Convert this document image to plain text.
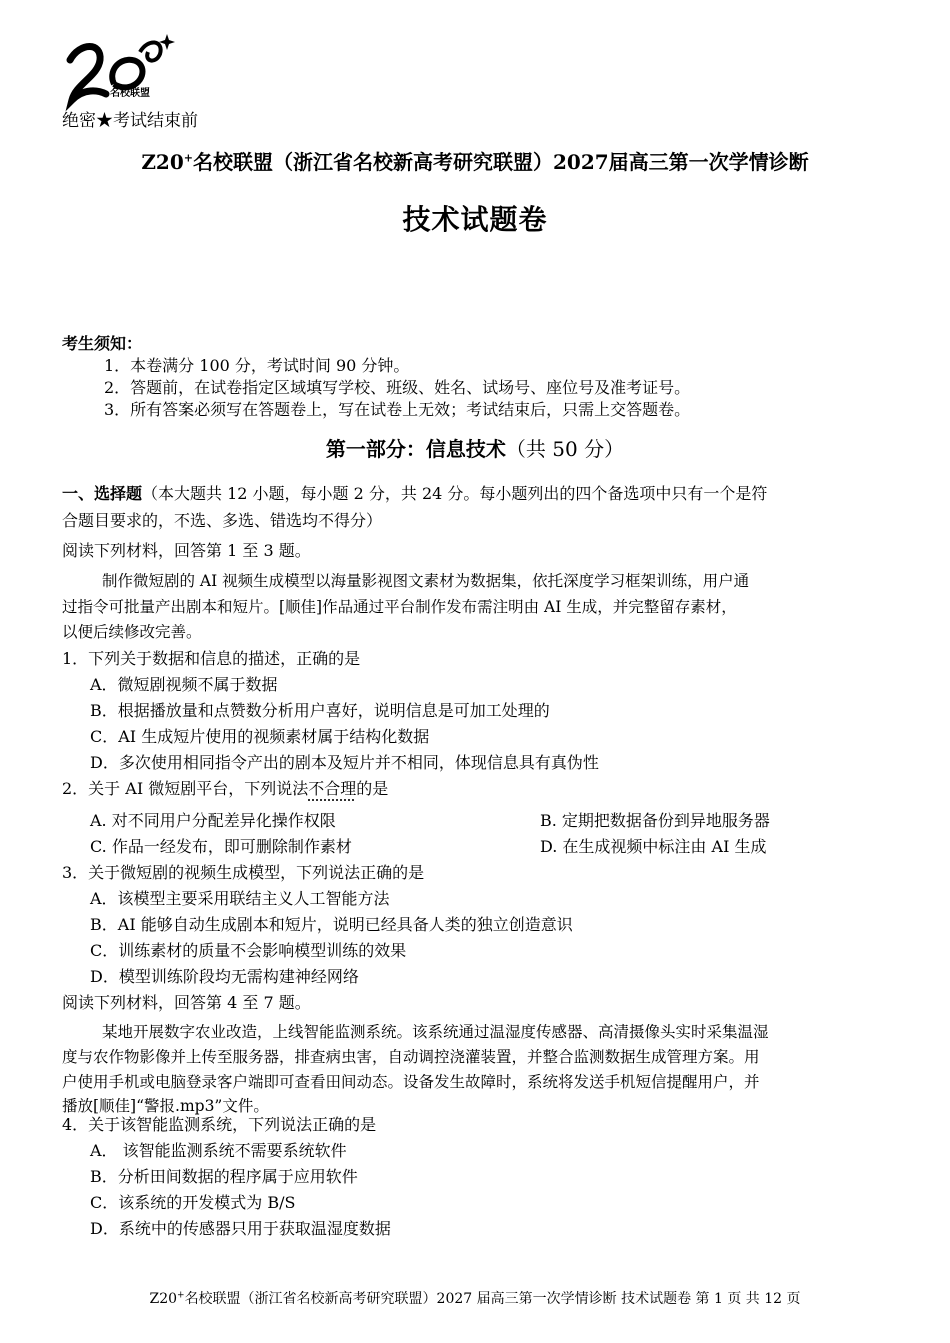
名校联盟
绝密★考试结束前
Z20+名校联盟（浙江省名校新高考研究联盟）2027届高三第一次学情诊断
技术试题卷
考生须知：
1．本卷满分 100 分，考试时间 90 分钟。
2．答题前，在试卷指定区域填写学校、班级、姓名、试场号、座位号及准考证号。
3．所有答案必须写在答题卷上，写在试卷上无效；考试结束后，只需上交答题卷。
第一部分：信息技术（共 50 分）
一、选择题（本大题共 12 小题，每小题 2 分，共 24 分。每小题列出的四个备选项中只有一个是符
合题目要求的，不选、多选、错选均不得分）
阅读下列材料，回答第 1 至 3 题。
制作微短剧的 AI 视频生成模型以海量影视图文素材为数据集，依托深度学习框架训练，用户通
过指令可批量产出剧本和短片。[顺佳]作品通过平台制作发布需注明由 AI 生成，并完整留存素材，
以便后续修改完善。
1．下列关于数据和信息的描述，正确的是
A．微短剧视频不属于数据
B．根据播放量和点赞数分析用户喜好，说明信息是可加工处理的
C．AI 生成短片使用的视频素材属于结构化数据
D．多次使用相同指令产出的剧本及短片并不相同，体现信息具有真伪性
2．关于 AI 微短剧平台，下列说法不合理的是
A. 对不同用户分配差异化操作权限	B. 定期把数据备份到异地服务器
C. 作品一经发布，即可删除制作素材	D. 在生成视频中标注由 AI 生成
3．关于微短剧的视频生成模型，下列说法正确的是
A．该模型主要采用联结主义人工智能方法
B．AI 能够自动生成剧本和短片，说明已经具备人类的独立创造意识
C．训练素材的质量不会影响模型训练的效果
D．模型训练阶段均无需构建神经网络
阅读下列材料，回答第 4 至 7 题。
某地开展数字农业改造，上线智能监测系统。该系统通过温湿度传感器、高清摄像头实时采集温湿
度与农作物影像并上传至服务器，排查病虫害，自动调控浇灌装置，并整合监测数据生成管理方案。用
户使用手机或电脑登录客户端即可查看田间动态。设备发生故障时，系统将发送手机短信提醒用户，并
播放[顺佳]“警报.mp3”文件。
4．关于该智能监测系统，下列说法正确的是
A． 该智能监测系统不需要系统软件
B．分析田间数据的程序属于应用软件
C．该系统的开发模式为 B/S
D．系统中的传感器只用于获取温湿度数据
Z20+名校联盟（浙江省名校新高考研究联盟）2027 届高三第一次学情诊断 技术试题卷 第 1 页 共 12 页
